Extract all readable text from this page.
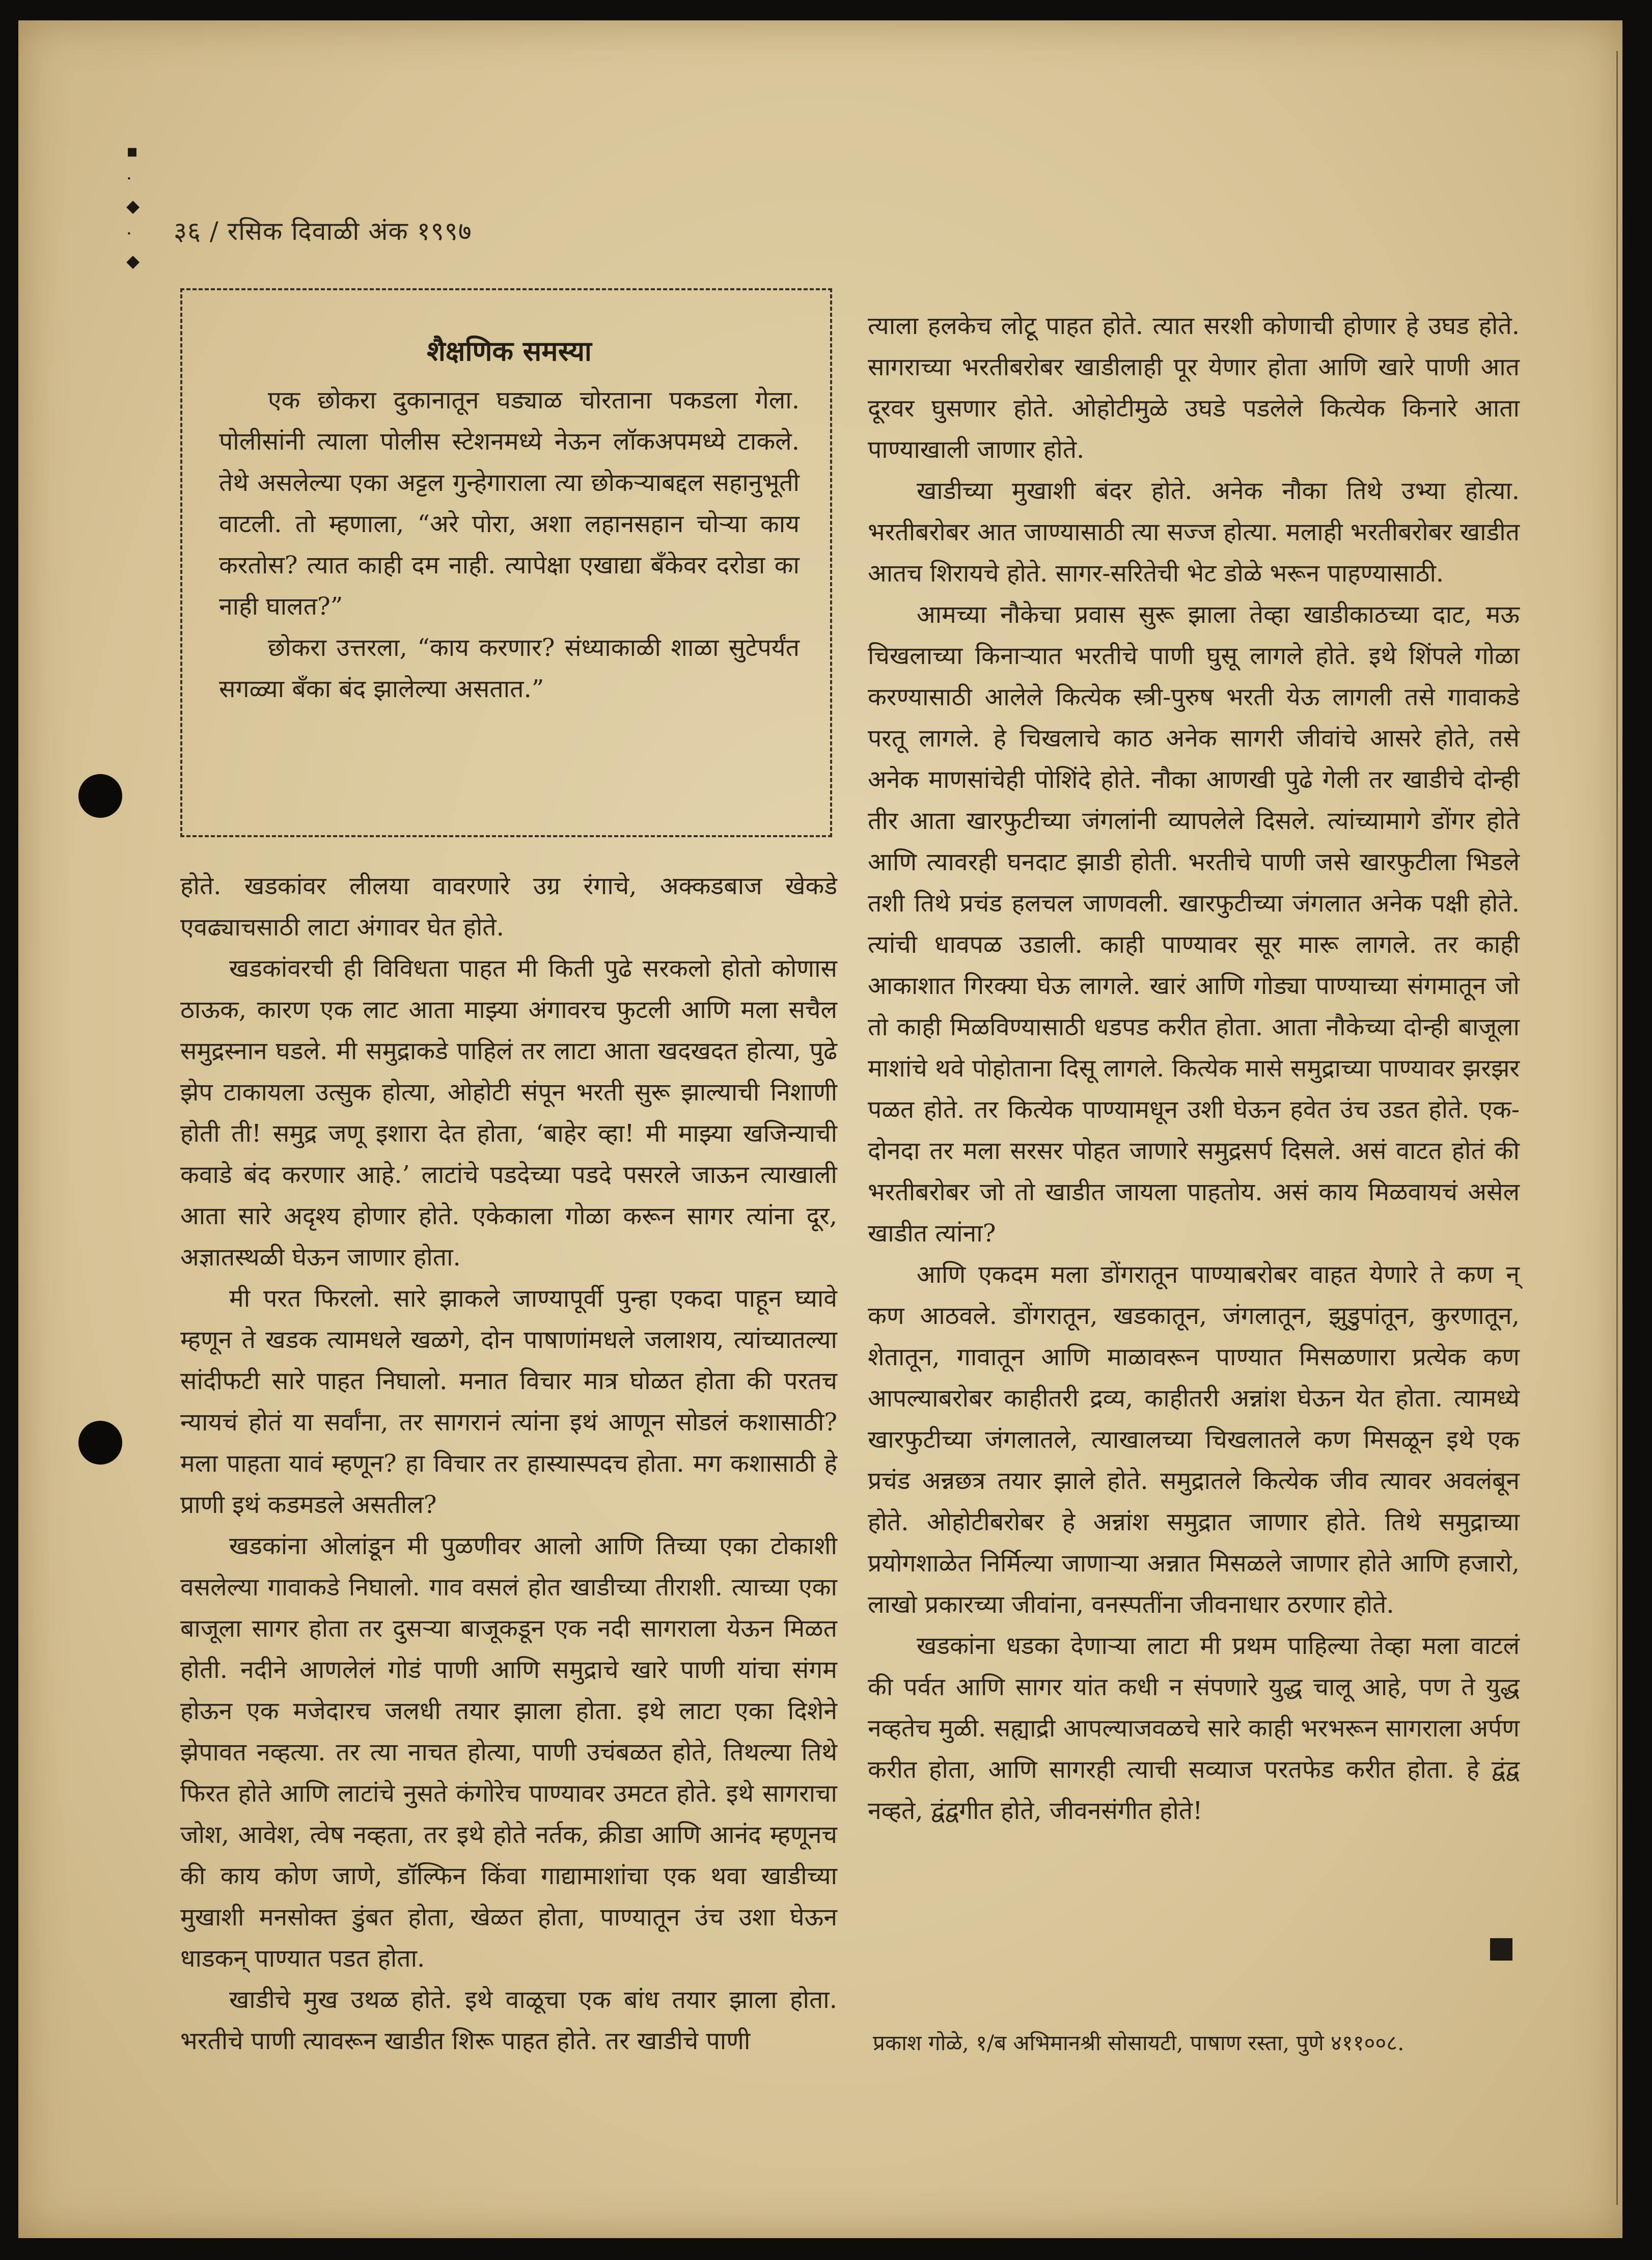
▪
·
◆
·
◆
३६ / रसिक दिवाळी अंक १९९७
शैक्षणिक समस्या

एक छोकरा दुकानातून घड्याळ चोरताना पकडला गेला. पोलीसांनी त्याला पोलीस स्टेशनमध्ये नेऊन लॉकअपमध्ये टाकले. तेथे असलेल्या एका अट्टल गुन्हेगाराला त्या छोकऱ्याबद्दल सहानुभूती वाटली. तो म्हणाला, “अरे पोरा, अशा लहानसहान चोऱ्या काय करतोस? त्यात काही दम नाही. त्यापेक्षा एखाद्या बँकेवर दरोडा का नाही घालत?”

छोकरा उत्तरला, “काय करणार? संध्याकाळी शाळा सुटेपर्यंत सगळ्या बँका बंद झालेल्या असतात.”

होते. खडकांवर लीलया वावरणारे उग्र रंगाचे, अक्कडबाज खेकडे एवढ्याचसाठी लाटा अंगावर घेत होते.

खडकांवरची ही विविधता पाहत मी किती पुढे सरकलो होतो कोणास ठाऊक, कारण एक लाट आता माझ्या अंगावरच फुटली आणि मला सचैल समुद्रस्नान घडले. मी समुद्राकडे पाहिलं तर लाटा आता खदखदत होत्या, पुढे झेप टाकायला उत्सुक होत्या, ओहोटी संपून भरती सुरू झाल्याची निशाणी होती ती! समुद्र जणू इशारा देत होता, ‘बाहेर व्हा! मी माझ्या खजिन्याची कवाडे बंद करणार आहे.’ लाटांचे पडदेच्या पडदे पसरले जाऊन त्याखाली आता सारे अदृश्य होणार होते. एकेकाला गोळा करून सागर त्यांना दूर, अज्ञातस्थळी घेऊन जाणार होता.

मी परत फिरलो. सारे झाकले जाण्यापूर्वी पुन्हा एकदा पाहून घ्यावे म्हणून ते खडक त्यामधले खळगे, दोन पाषाणांमधले जलाशय, त्यांच्यातल्या सांदीफटी सारे पाहत निघालो. मनात विचार मात्र घोळत होता की परतच न्यायचं होतं या सर्वांना, तर सागरानं त्यांना इथं आणून सोडलं कशासाठी? मला पाहता यावं म्हणून? हा विचार तर हास्यास्पदच होता. मग कशासाठी हे प्राणी इथं कडमडले असतील?

खडकांना ओलांडून मी पुळणीवर आलो आणि तिच्या एका टोकाशी वसलेल्या गावाकडे निघालो. गाव वसलं होत खाडीच्या तीराशी. त्याच्या एका बाजूला सागर होता तर दुसऱ्या बाजूकडून एक नदी सागराला येऊन मिळत होती. नदीने आणलेलं गोडं पाणी आणि समुद्राचे खारे पाणी यांचा संगम होऊन एक मजेदारच जलधी तयार झाला होता. इथे लाटा एका दिशेने झेपावत नव्हत्या. तर त्या नाचत होत्या, पाणी उचंबळत होते, तिथल्या तिथे फिरत होते आणि लाटांचे नुसते कंगोरेच पाण्यावर उमटत होते. इथे सागराचा जोश, आवेश, त्वेष नव्हता, तर इथे होते नर्तक, क्रीडा आणि आनंद म्हणूनच की काय कोण जाणे, डॉल्फिन किंवा गाद्यामाशांचा एक थवा खाडीच्या मुखाशी मनसोक्त डुंबत होता, खेळत होता, पाण्यातून उंच उशा घेऊन धाडकन् पाण्यात पडत होता.

खाडीचे मुख उथळ होते. इथे वाळूचा एक बांध तयार झाला होता. भरतीचे पाणी त्यावरून खाडीत शिरू पाहत होते. तर खाडीचे पाणी

त्याला हलकेच लोटू पाहत होते. त्यात सरशी कोणाची होणार हे उघड होते. सागराच्या भरतीबरोबर खाडीलाही पूर येणार होता आणि खारे पाणी आत दूरवर घुसणार होते. ओहोटीमुळे उघडे पडलेले कित्येक किनारे आता पाण्याखाली जाणार होते.

खाडीच्या मुखाशी बंदर होते. अनेक नौका तिथे उभ्या होत्या. भरतीबरोबर आत जाण्यासाठी त्या सज्ज होत्या. मलाही भरतीबरोबर खाडीत आतच शिरायचे होते. सागर-सरितेची भेट डोळे भरून पाहण्यासाठी.

आमच्या नौकेचा प्रवास सुरू झाला तेव्हा खाडीकाठच्या दाट, मऊ चिखलाच्या किनाऱ्यात भरतीचे पाणी घुसू लागले होते. इथे शिंपले गोळा करण्यासाठी आलेले कित्येक स्त्री-पुरुष भरती येऊ लागली तसे गावाकडे परतू लागले. हे चिखलाचे काठ अनेक सागरी जीवांचे आसरे होते, तसे अनेक माणसांचेही पोशिंदे होते. नौका आणखी पुढे गेली तर खाडीचे दोन्ही तीर आता खारफुटीच्या जंगलांनी व्यापलेले दिसले. त्यांच्यामागे डोंगर होते आणि त्यावरही घनदाट झाडी होती. भरतीचे पाणी जसे खारफुटीला भिडले तशी तिथे प्रचंड हलचल जाणवली. खारफुटीच्या जंगलात अनेक पक्षी होते. त्यांची धावपळ उडाली. काही पाण्यावर सूर मारू लागले. तर काही आकाशात गिरक्या घेऊ लागले. खारं आणि गोड्या पाण्याच्या संगमातून जो तो काही मिळविण्यासाठी धडपड करीत होता. आता नौकेच्या दोन्ही बाजूला माशांचे थवे पोहोताना दिसू लागले. कित्येक मासे समुद्राच्या पाण्यावर झरझर पळत होते. तर कित्येक पाण्यामधून उशी घेऊन हवेत उंच उडत होते. एक-दोनदा तर मला सरसर पोहत जाणारे समुद्रसर्प दिसले. असं वाटत होतं की भरतीबरोबर जो तो खाडीत जायला पाहतोय. असं काय मिळवायचं असेल खाडीत त्यांना?

आणि एकदम मला डोंगरातून पाण्याबरोबर वाहत येणारे ते कण न् कण आठवले. डोंगरातून, खडकातून, जंगलातून, झुडुपांतून, कुरणातून, शेतातून, गावातून आणि माळावरून पाण्यात मिसळणारा प्रत्येक कण आपल्याबरोबर काहीतरी द्रव्य, काहीतरी अन्नांश घेऊन येत होता. त्यामध्ये खारफुटीच्या जंगलातले, त्याखालच्या चिखलातले कण मिसळून इथे एक प्रचंड अन्नछत्र तयार झाले होते. समुद्रातले कित्येक जीव त्यावर अवलंबून होते. ओहोटीबरोबर हे अन्नांश समुद्रात जाणार होते. तिथे समुद्राच्या प्रयोगशाळेत निर्मिल्या जाणाऱ्या अन्नात मिसळले जाणार होते आणि हजारो, लाखो प्रकारच्या जीवांना, वनस्पतींना जीवनाधार ठरणार होते.

खडकांना धडका देणाऱ्या लाटा मी प्रथम पाहिल्या तेव्हा मला वाटलं की पर्वत आणि सागर यांत कधी न संपणारे युद्ध चालू आहे, पण ते युद्ध नव्हतेच मुळी. सह्याद्री आपल्याजवळचे सारे काही भरभरून सागराला अर्पण करीत होता, आणि सागरही त्याची सव्याज परतफेड करीत होता. हे द्वंद्व नव्हते, द्वंद्वगीत होते, जीवनसंगीत होते!

प्रकाश गोळे, १/ब अभिमानश्री सोसायटी, पाषाण रस्ता, पुणे ४११००८.
